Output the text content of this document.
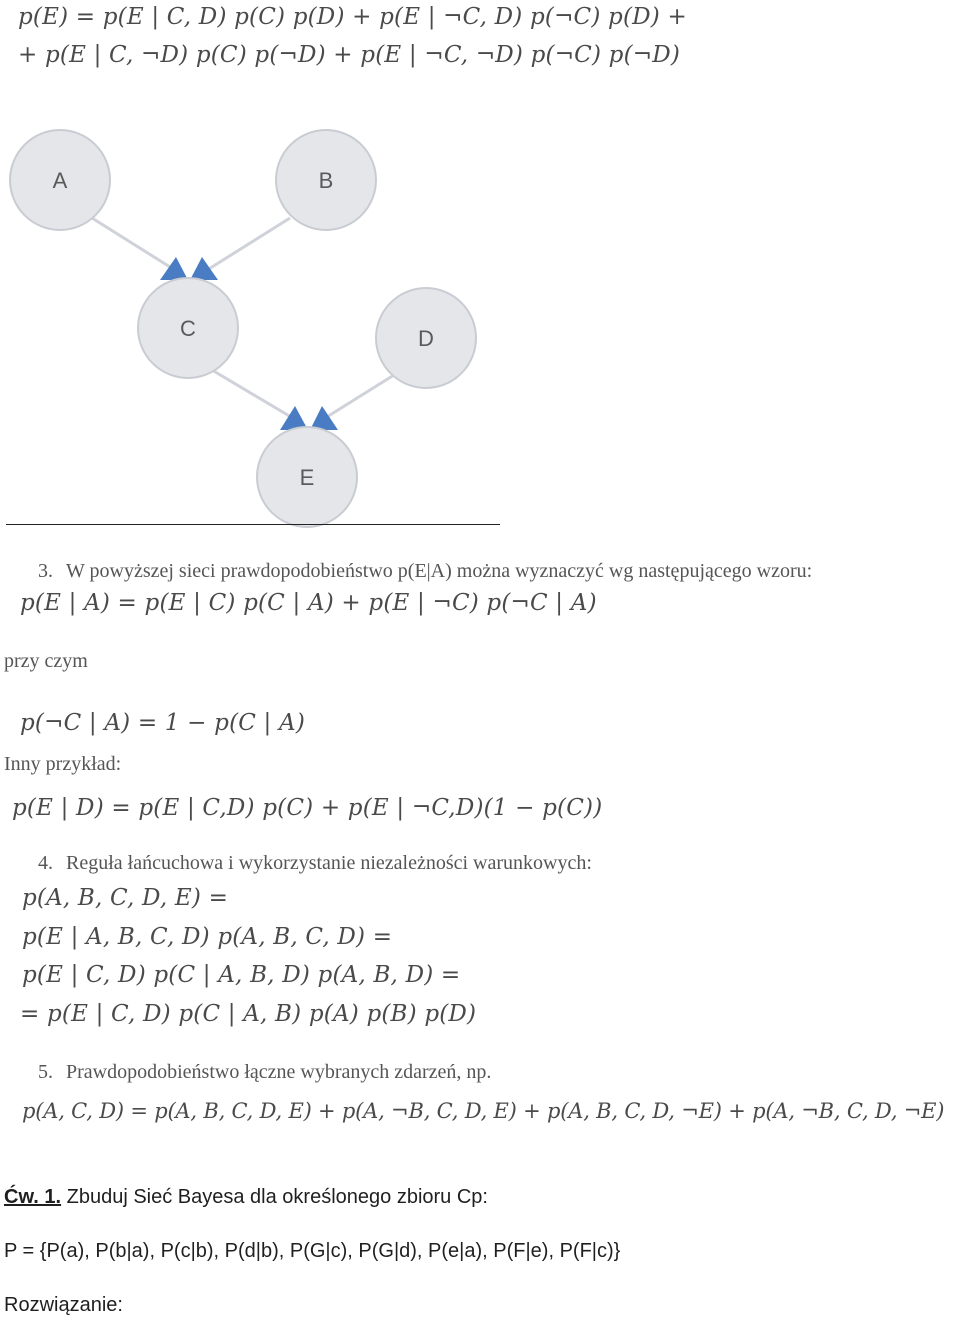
p(E) = p(E | C, D) p(C) p(D) + p(E | ¬C, D) p(¬C) p(D) +
+ p(E | C, ¬D) p(C) p(¬D) + p(E | ¬C, ¬D) p(¬C) p(¬D)
A	B
C	D
E
3. W powyższej sieci prawdopodobieństwo p(E|A) można wyznaczyć wg następującego wzoru:
p(E | A) = p(E | C) p(C | A) + p(E | ¬C) p(¬C | A)
przy czym
p(¬C | A) = 1 − p(C | A)
Inny przykład:
p(E | D) = p(E | C,D) p(C) + p(E | ¬C,D)(1 − p(C))
4. Reguła łańcuchowa i wykorzystanie niezależności warunkowych:
p(A, B, C, D, E) =
p(E | A, B, C, D) p(A, B, C, D) =
p(E | C, D) p(C | A, B, D) p(A, B, D) =
= p(E | C, D) p(C | A, B) p(A) p(B) p(D)
5. Prawdopodobieństwo łączne wybranych zdarzeń, np.
p(A, C, D) = p(A, B, C, D, E) + p(A, ¬B, C, D, E) + p(A, B, C, D, ¬E) + p(A, ¬B, C, D, ¬E)
Ćw. 1. Zbuduj Sieć Bayesa dla określonego zbioru Cp:
P = {P(a), P(b|a), P(c|b), P(d|b), P(G|c), P(G|d), P(e|a), P(F|e), P(F|c)}
Rozwiązanie:
